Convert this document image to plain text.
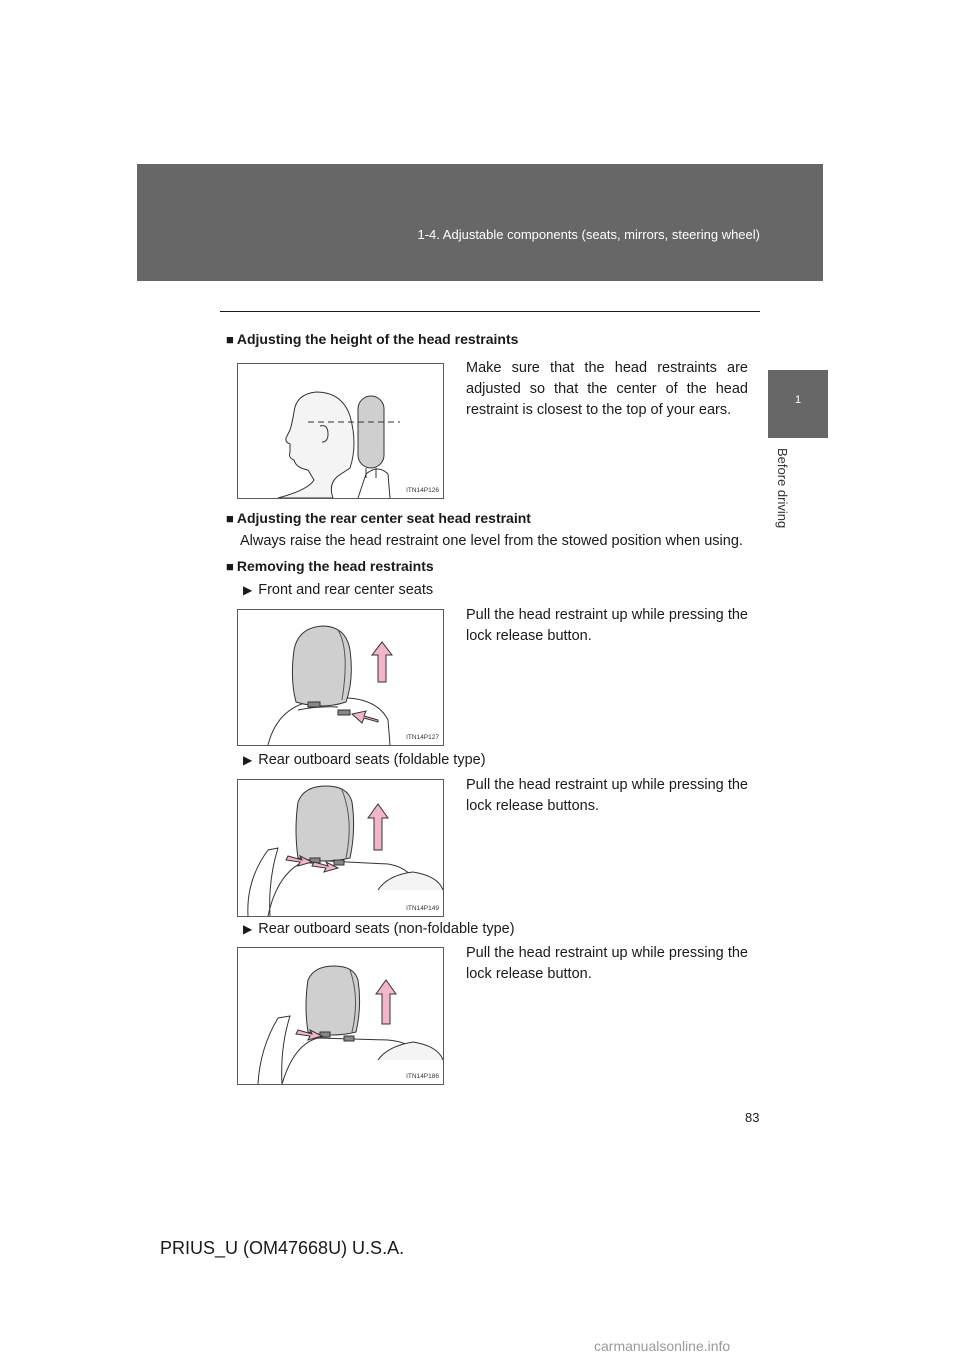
1-4. Adjustable components (seats, mirrors, steering wheel)
1
Before driving
■ Adjusting the height of the head restraints
ITN14P126
Make sure that the head restraints are adjusted so that the center of the head restraint is closest to the top of your ears.
■ Adjusting the rear center seat head restraint
Always raise the head restraint one level from the stowed position when using.
■ Removing the head restraints
▶ Front and rear center seats
ITN14P127
Pull the head restraint up while pressing the lock release button.
▶ Rear outboard seats (foldable type)
ITN14P149
Pull the head restraint up while pressing the lock release buttons.
▶ Rear outboard seats (non-foldable type)
ITN14P186
Pull the head restraint up while pressing the lock release button.
83
PRIUS_U (OM47668U) U.S.A.
carmanualsonline.info
